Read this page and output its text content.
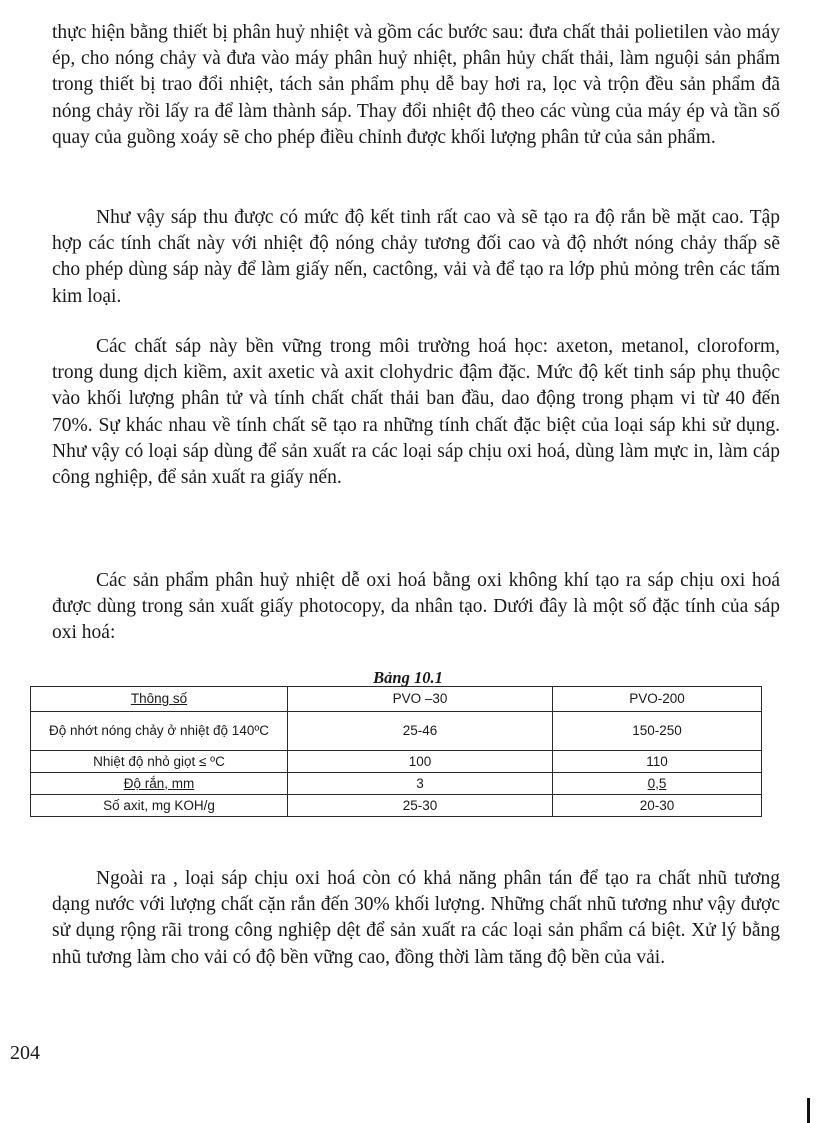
thực hiện bằng thiết bị phân huỷ nhiệt và gồm các bước sau: đưa chất thải polietilen vào máy ép, cho nóng chảy và đưa vào máy phân huỷ nhiệt, phân hủy chất thải, làm nguội sản phẩm trong thiết bị trao đổi nhiệt, tách sản phẩm phụ dễ bay hơi ra, lọc và trộn đều sản phẩm đã nóng chảy rồi lấy ra để làm thành sáp. Thay đổi nhiệt độ theo các vùng của máy ép và tần số quay của guồng xoáy sẽ cho phép điều chỉnh được khối lượng phân tử của sản phẩm.

Như vậy sáp thu được có mức độ kết tinh rất cao và sẽ tạo ra độ rắn bề mặt cao. Tập hợp các tính chất này với nhiệt độ nóng chảy tương đối cao và độ nhớt nóng chảy thấp sẽ cho phép dùng sáp này để làm giấy nến, cactông, vải và để tạo ra lớp phủ mỏng trên các tấm kim loại.

Các chất sáp này bền vững trong môi trường hoá học: axeton, metanol, cloroform, trong dung dịch kiềm, axit axetic và axit clohydric đậm đặc. Mức độ kết tinh sáp phụ thuộc vào khối lượng phân tử và tính chất chất thải ban đầu, dao động trong phạm vi từ 40 đến 70%. Sự khác nhau về tính chất sẽ tạo ra những tính chất đặc biệt của loại sáp khi sử dụng. Như vậy có loại sáp dùng để sản xuất ra các loại sáp chịu oxi hoá, dùng làm mực in, làm cáp công nghiệp, để sản xuất ra giấy nến.

Các sản phẩm phân huỷ nhiệt dễ oxi hoá bằng oxi không khí tạo ra sáp chịu oxi hoá được dùng trong sản xuất giấy photocopy, da nhân tạo. Dưới đây là một số đặc tính của sáp oxi hoá:

Bảng 10.1

Thông số	PVO –30	PVO-200
Độ nhớt nóng chảy ở nhiệt độ 140ºC	25-46	150-250
Nhiệt độ nhỏ giọt ≤ ºC	100	110
Độ rắn, mm	3	0,5
Số axit, mg KOH/g	25-30	20-30

Ngoài ra , loại sáp chịu oxi hoá còn có khả năng phân tán để tạo ra chất nhũ tương dạng nước với lượng chất cặn rắn đến 30% khối lượng. Những chất nhũ tương như vậy được sử dụng rộng rãi trong công nghiệp dệt để sản xuất ra các loại sản phẩm cá biệt. Xử lý bằng nhũ tương làm cho vải có độ bền vững cao, đồng thời làm tăng độ bền của vải.

204
